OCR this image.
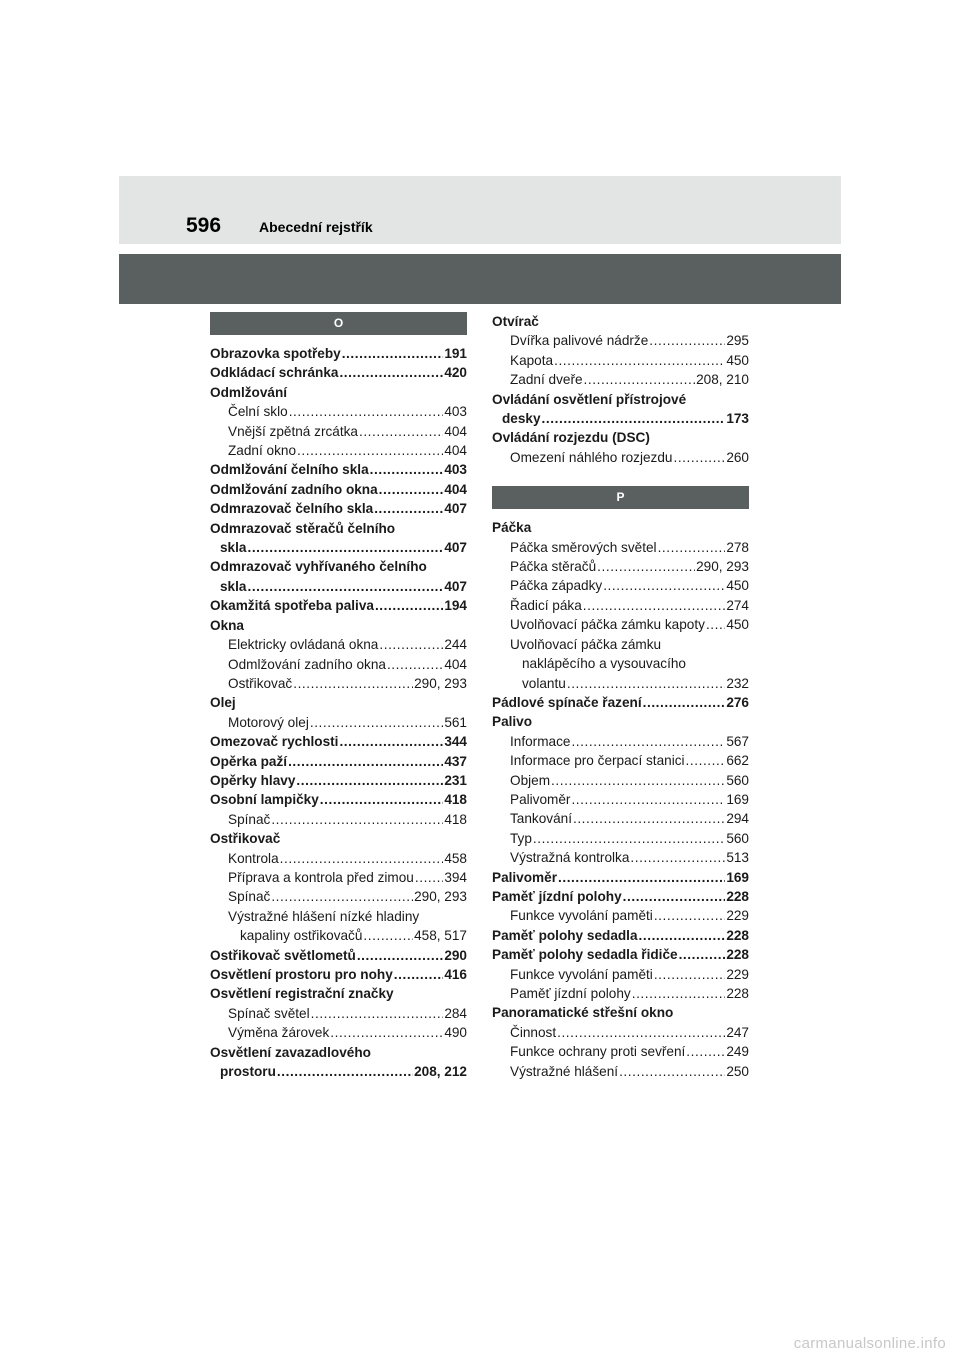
596	Abecední rejstřík
O
Obrazovka spotřeby . . .	191
Odkládací schránka . . .	420
Odmlžování
Čelní sklo . . .	403
Vnější zpětná zrcátka . . .	404
Zadní okno . . .	404
Odmlžování čelního skla . . .	403
Odmlžování zadního okna . . .	404
Odmrazovač čelního skla . . .	407
Odmrazovač stěračů čelního
skla . . .	407
Odmrazovač vyhřívaného čelního
skla . . .	407
Okamžitá spotřeba paliva . . .	194
Okna
Elektricky ovládaná okna . . .	244
Odmlžování zadního okna . . .	404
Ostřikovač . . .	290, 293
Olej
Motorový olej . . .	561
Omezovač rychlosti . . .	344
Opěrka paží . . .	437
Opěrky hlavy . . .	231
Osobní lampičky . . .	418
Spínač . . .	418
Ostřikovač
Kontrola . . .	458
Příprava a kontrola před zimou . . . 394
Spínač . . .	290, 293
Výstražné hlášení nízké hladiny
kapaliny ostřikovačů . . .	458, 517
Ostřikovač světlometů . . .	290
Osvětlení prostoru pro nohy . . .	416
Osvětlení registrační značky
Spínač světel . . .	284
Výměna žárovek . . .	490
Osvětlení zavazadlového
prostoru . . .	208, 212
Otvírač
Dvířka palivové nádrže . . .	295
Kapota . . .	450
Zadní dveře . . .	208, 210
Ovládání osvětlení přístrojové
desky . . .	173
Ovládání rozjezdu (DSC)
Omezení náhlého rozjezdu . . .	260
P
Páčka
Páčka směrových světel . . .	278
Páčka stěračů . . .	290, 293
Páčka západky . . .	450
Řadicí páka . . .	274
Uvolňovací páčka zámku kapoty . . . 450
Uvolňovací páčka zámku
naklápěcího a vysouvacího
volantu . . .	232
Pádlové spínače řazení . . .	276
Palivo
Informace . . .	567
Informace pro čerpací stanici . . .	662
Objem . . .	560
Palivoměr . . .	169
Tankování . . .	294
Typ . . .	560
Výstražná kontrolka . . .	513
Palivoměr . . .	169
Paměť jízdní polohy . . .	228
Funkce vyvolání paměti . . .	229
Paměť polohy sedadla . . .	228
Paměť polohy sedadla řidiče . . .	228
Funkce vyvolání paměti . . .	229
Paměť jízdní polohy . . .	228
Panoramatické střešní okno
Činnost . . .	247
Funkce ochrany proti sevření . . .	249
Výstražné hlášení . . .	250
carmanualsonline.info
